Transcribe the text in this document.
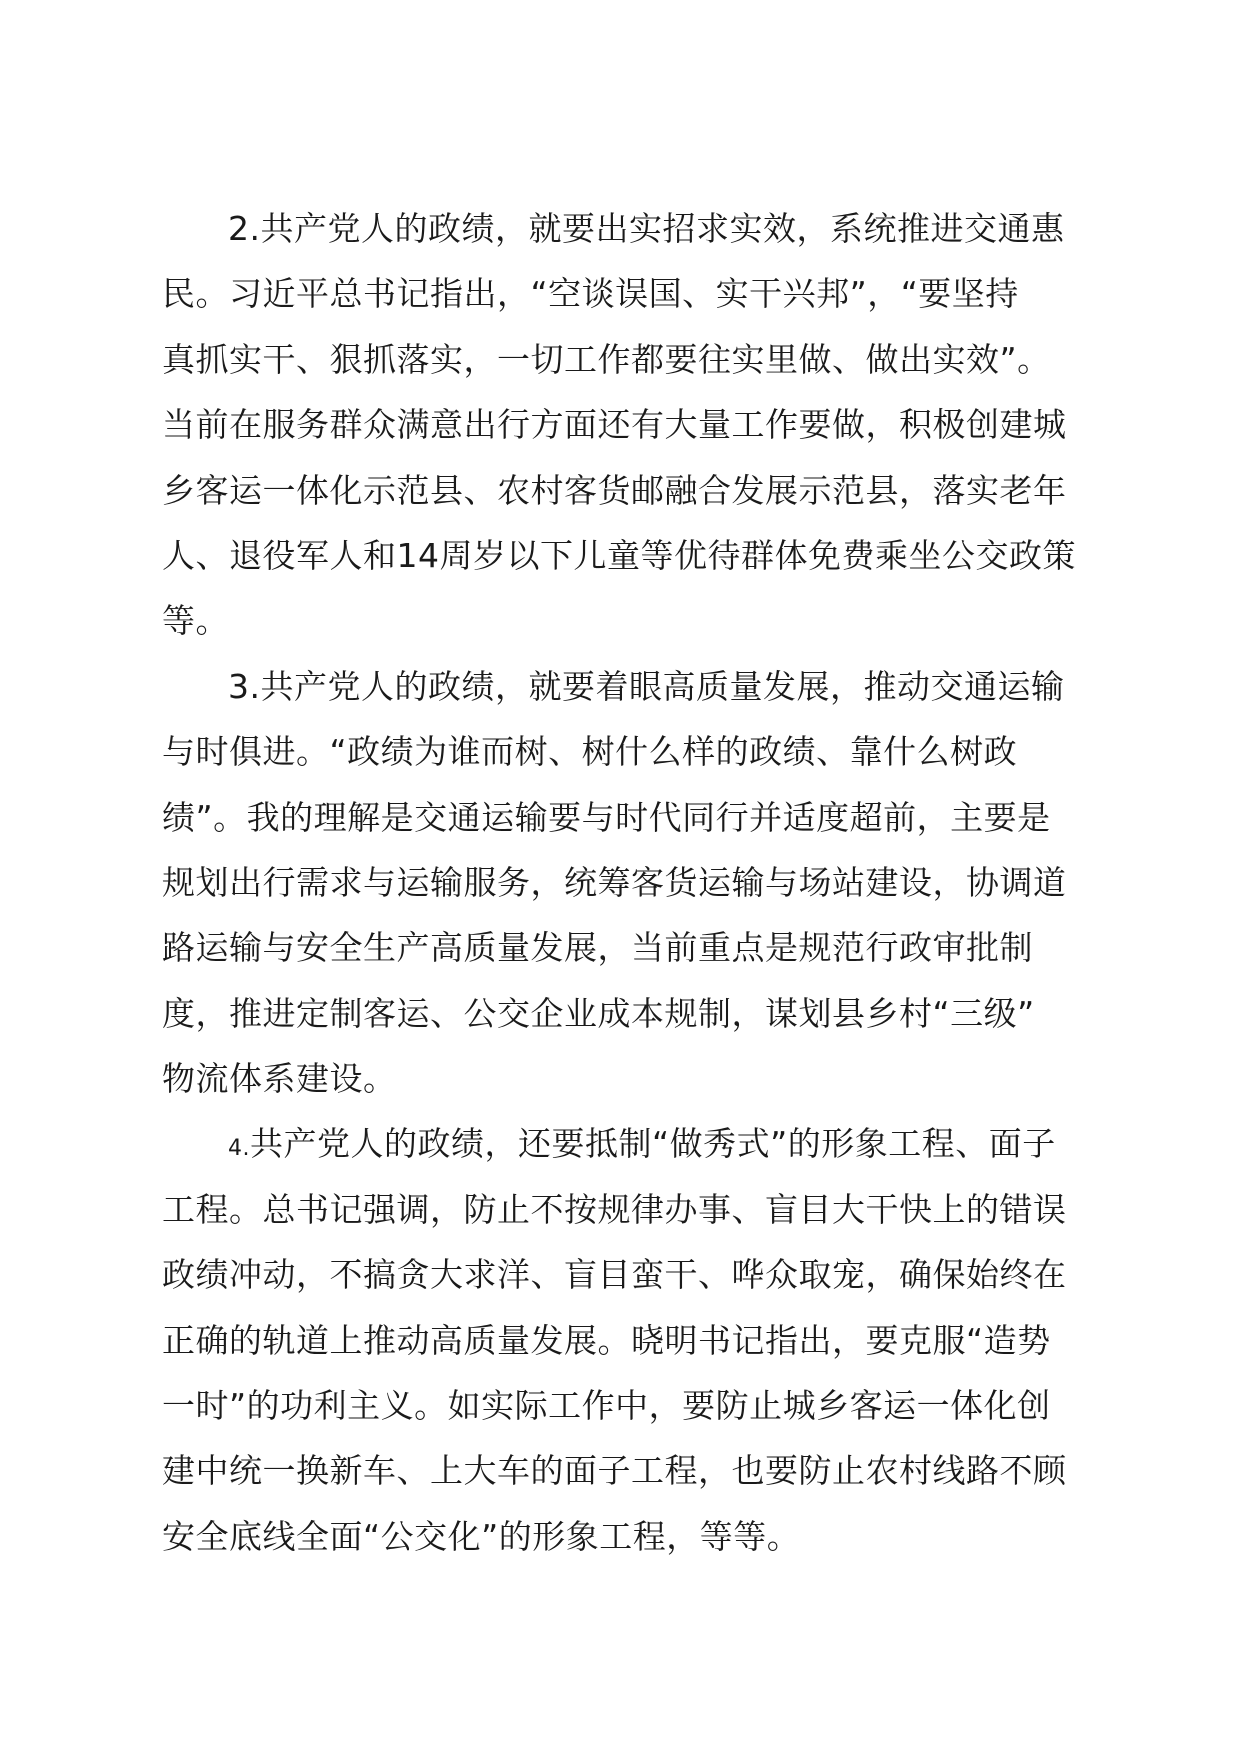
2.共产党人的政绩，就要出实招求实效，系统推进交通惠
民。习近平总书记指出，“空谈误国、实干兴邦”，“要坚持
真抓实干、狠抓落实，一切工作都要往实里做、做出实效”。
当前在服务群众满意出行方面还有大量工作要做，积极创建城
乡客运一体化示范县、农村客货邮融合发展示范县，落实老年
人、退役军人和14周岁以下儿童等优待群体免费乘坐公交政策
等。
3.共产党人的政绩，就要着眼高质量发展，推动交通运输
与时俱进。“政绩为谁而树、树什么样的政绩、靠什么树政
绩”。我的理解是交通运输要与时代同行并适度超前，主要是
规划出行需求与运输服务，统筹客货运输与场站建设，协调道
路运输与安全生产高质量发展，当前重点是规范行政审批制
度，推进定制客运、公交企业成本规制，谋划县乡村“三级”
物流体系建设。
4.共产党人的政绩，还要抵制“做秀式”的形象工程、面子
工程。总书记强调，防止不按规律办事、盲目大干快上的错误
政绩冲动，不搞贪大求洋、盲目蛮干、哗众取宠，确保始终在
正确的轨道上推动高质量发展。晓明书记指出，要克服“造势
一时”的功利主义。如实际工作中，要防止城乡客运一体化创
建中统一换新车、上大车的面子工程，也要防止农村线路不顾
安全底线全面“公交化”的形象工程，等等。
